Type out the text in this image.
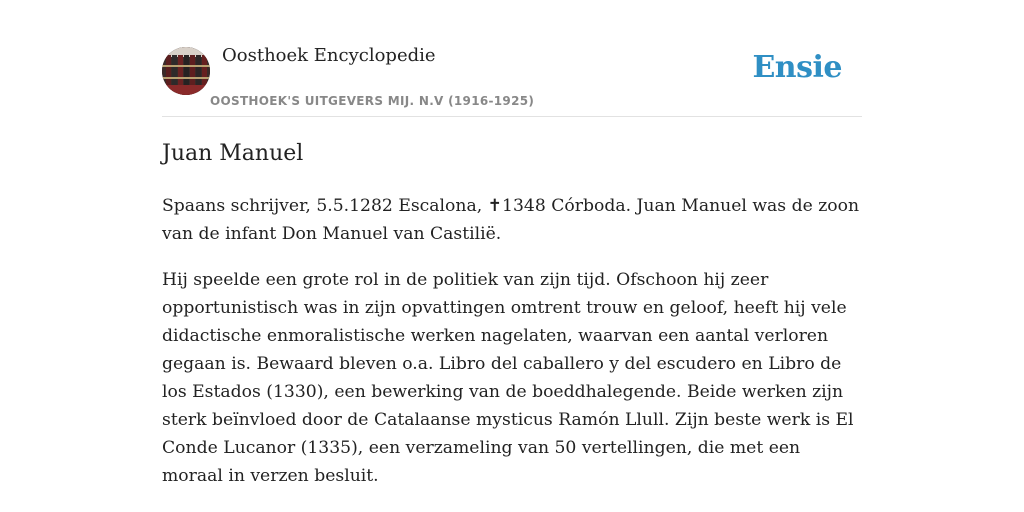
Oosthoek Encyclopedie
OOSTHOEK'S UITGEVERS MIJ. N.V (1916-1925)
Ensie
Juan Manuel

Spaans schrijver, 5.5.1282 Escalona, ✝1348 Córboda. Juan Manuel was de zoon van de infant Don Manuel van Castilië.

Hij speelde een grote rol in de politiek van zijn tijd. Ofschoon hij zeer opportunistisch was in zijn opvattingen omtrent trouw en geloof, heeft hij vele didactische enmoralistische werken nagelaten, waarvan een aantal verloren gegaan is. Bewaard bleven o.a. Libro del caballero y del escudero en Libro de los Estados (1330), een bewerking van de boeddhalegende. Beide werken zijn sterk beïnvloed door de Catalaanse mysticus Ramón Llull. Zijn beste werk is El Conde Lucanor (1335), een verzameling van 50 vertellingen, die met een moraal in verzen besluit.
